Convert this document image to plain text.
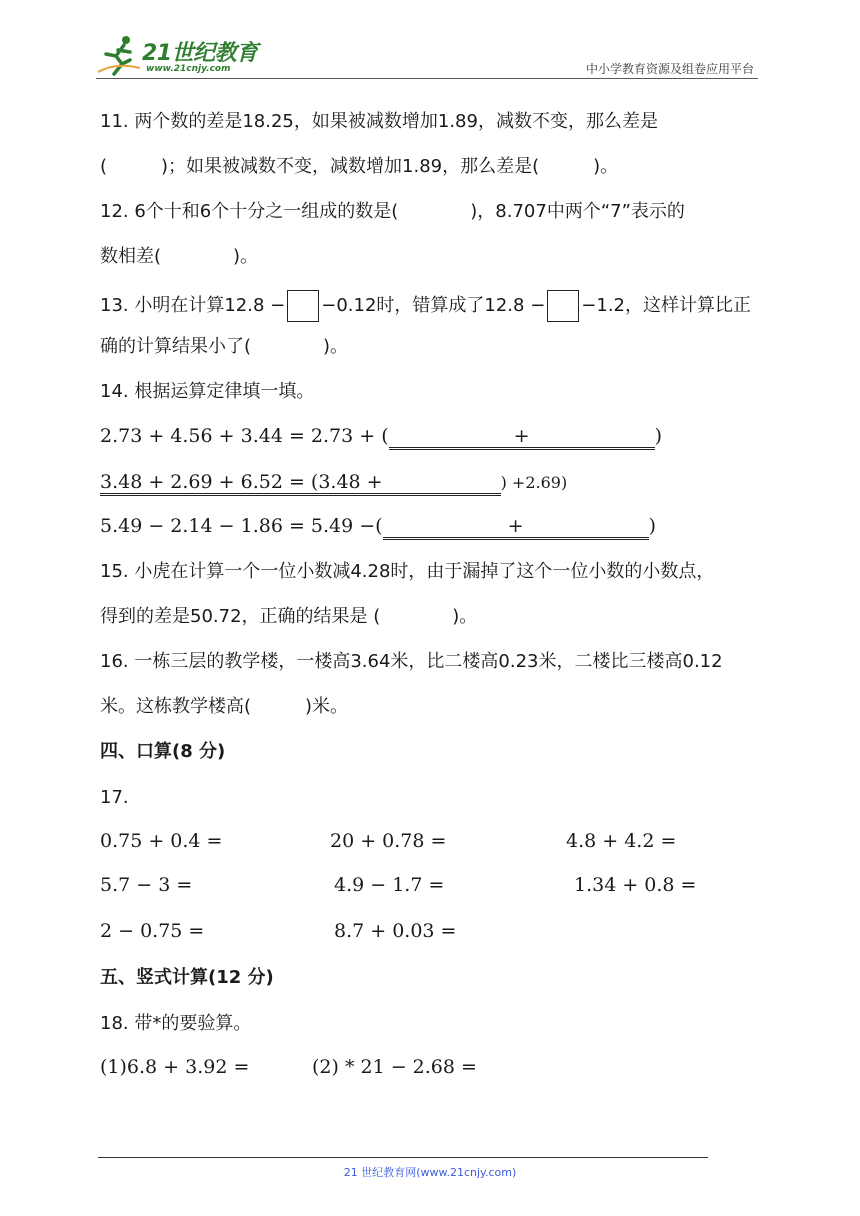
21世纪教育
www.21cnjy.com	中小学教育资源及组卷应用平台
11. 两个数的差是18.25，如果被减数增加1.89，减数不变，那么差是
(　　　)；如果被减数不变，减数增加1.89，那么差是(　　　)。
12. 6个十和6个十分之一组成的数是(　　　　)，8.707中两个“7”表示的
数相差(　　　　)。
13. 小明在计算12.8 − −0.12时，错算成了12.8 − −1.2，这样计算比正
确的计算结果小了(　　　　)。
14. 根据运算定律填一填。
2.73 + 4.56 + 3.44 = 2.73 + (	+	)
3.48 + 2.69 + 6.52 = (3.48 +	) +2.69)
5.49 − 2.14 − 1.86 = 5.49 −(	+	)
15. 小虎在计算一个一位小数减4.28时，由于漏掉了这个一位小数的小数点，
得到的差是50.72，正确的结果是 (　　　　)。
16. 一栋三层的教学楼，一楼高3.64米，比二楼高0.23米，二楼比三楼高0.12
米。这栋教学楼高(　　　)米。
四、口算(8 分)
17.
0.75 + 0.4 =	20 + 0.78 =	4.8 + 4.2 =
5.7 − 3 =	4.9 − 1.7 =	1.34 + 0.8 =
2 − 0.75 =	8.7 + 0.03 =
五、竖式计算(12 分)
18. 带*的要验算。
(1)6.8 + 3.92 =	(2) * 21 − 2.68 =
21 世纪教育网(www.21cnjy.com)
